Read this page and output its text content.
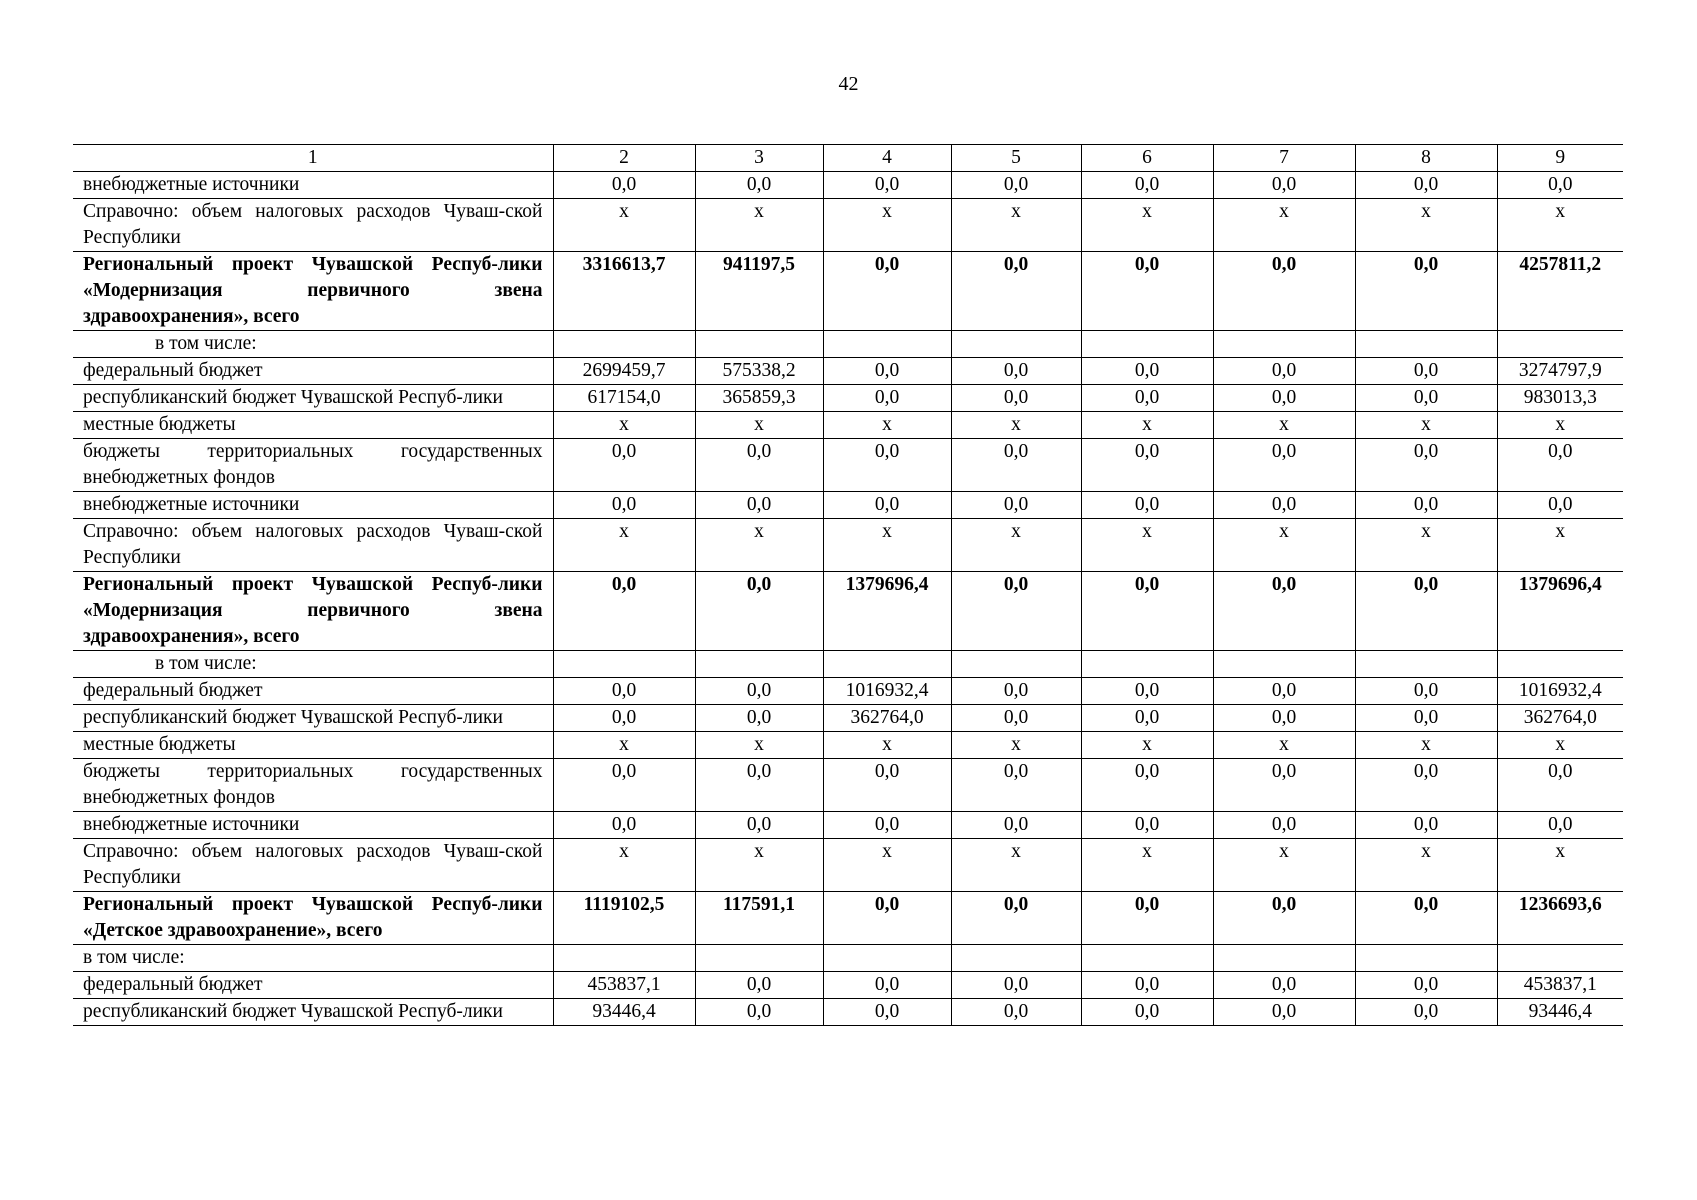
42
1	2	3	4	5	6	7	8	9
внебюджетные источники	0,0	0,0	0,0	0,0	0,0	0,0	0,0	0,0
Справочно: объем налоговых расходов Чуваш-ской Республики	x	x	x	x	x	x	x	x
Региональный проект Чувашской Респуб-лики «Модернизация первичного звена здравоохранения», всего	3316613,7	941197,5	0,0	0,0	0,0	0,0	0,0	4257811,2
в том числе:								
федеральный бюджет	2699459,7	575338,2	0,0	0,0	0,0	0,0	0,0	3274797,9
республиканский бюджет Чувашской Респуб-лики	617154,0	365859,3	0,0	0,0	0,0	0,0	0,0	983013,3
местные бюджеты	x	x	x	x	x	x	x	x
бюджеты территориальных государственных внебюджетных фондов	0,0	0,0	0,0	0,0	0,0	0,0	0,0	0,0
внебюджетные источники	0,0	0,0	0,0	0,0	0,0	0,0	0,0	0,0
Справочно: объем налоговых расходов Чуваш-ской Республики	x	x	x	x	x	x	x	x
Региональный проект Чувашской Респуб-лики «Модернизация первичного звена здравоохранения», всего	0,0	0,0	1379696,4	0,0	0,0	0,0	0,0	1379696,4
в том числе:								
федеральный бюджет	0,0	0,0	1016932,4	0,0	0,0	0,0	0,0	1016932,4
республиканский бюджет Чувашской Респуб-лики	0,0	0,0	362764,0	0,0	0,0	0,0	0,0	362764,0
местные бюджеты	x	x	x	x	x	x	x	x
бюджеты территориальных государственных внебюджетных фондов	0,0	0,0	0,0	0,0	0,0	0,0	0,0	0,0
внебюджетные источники	0,0	0,0	0,0	0,0	0,0	0,0	0,0	0,0
Справочно: объем налоговых расходов Чуваш-ской Республики	x	x	x	x	x	x	x	x
Региональный проект Чувашской Респуб-лики «Детское здравоохранение», всего	1119102,5	117591,1	0,0	0,0	0,0	0,0	0,0	1236693,6
в том числе:								
федеральный бюджет	453837,1	0,0	0,0	0,0	0,0	0,0	0,0	453837,1
республиканский бюджет Чувашской Респуб-лики	93446,4	0,0	0,0	0,0	0,0	0,0	0,0	93446,4
